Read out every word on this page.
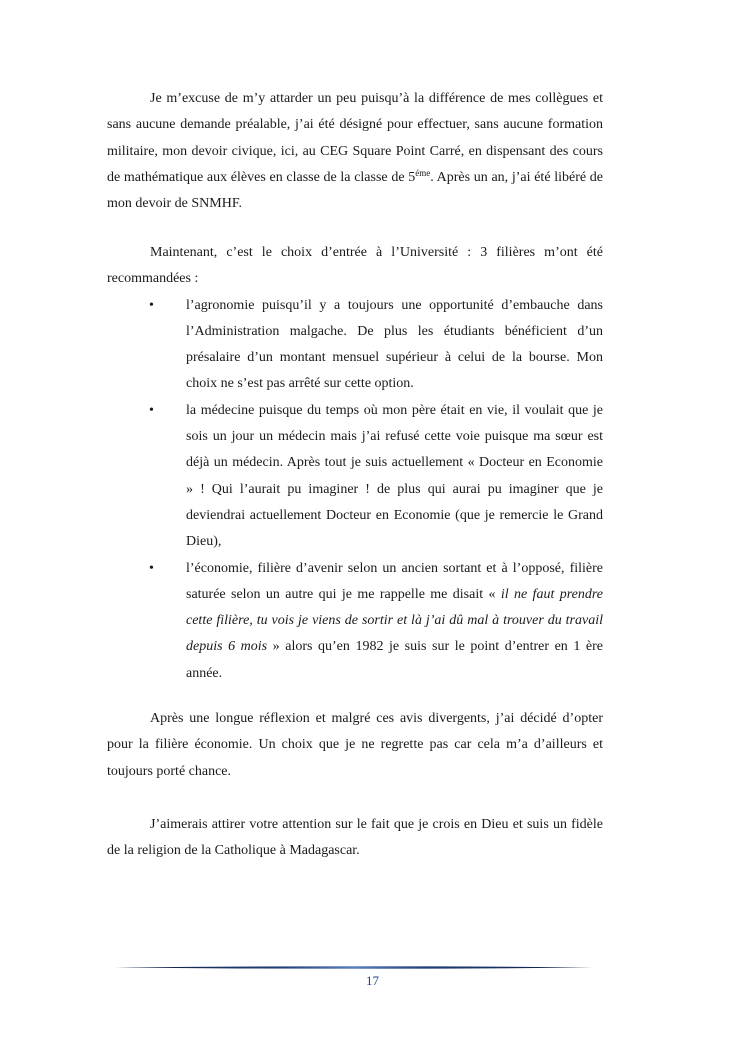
Je m’excuse de m’y attarder un peu puisqu’à la différence de mes collègues et sans aucune demande préalable, j’ai été désigné pour effectuer, sans aucune formation militaire, mon devoir civique, ici, au CEG Square Point Carré, en dispensant des cours de mathématique aux élèves en classe de la classe de $5^{éme}$. Après un an, j’ai été libéré de mon devoir de SNMHF.

Maintenant, c’est le choix d’entrée à l’Université : 3 filières m’ont été recommandées :

• l’agronomie puisqu’il y a toujours une opportunité d’embauche dans l’Administration malgache. De plus les étudiants bénéficient d’un présalaire d’un montant mensuel supérieur à celui de la bourse. Mon choix ne s’est pas arrêté sur cette option.
• la médecine puisque du temps où mon père était en vie, il voulait que je sois un jour un médecin mais j’ai refusé cette voie puisque ma sœur est déjà un médecin. Après tout je suis actuellement « Docteur en Economie » ! Qui l’aurait pu imaginer ! de plus qui aurai pu imaginer que je deviendrai actuellement Docteur en Economie (que je remercie le Grand Dieu),
• l’économie, filière d’avenir selon un ancien sortant et à l’opposé, filière saturée selon un autre qui je me rappelle me disait « il ne faut prendre cette filière, tu vois je viens de sortir et là j’ai dû mal à trouver du travail depuis 6 mois » alors qu’en 1982 je suis sur le point d’entrer en 1 ère année.

Après une longue réflexion et malgré ces avis divergents, j’ai décidé d’opter pour la filière économie. Un choix que je ne regrette pas car cela m’a d’ailleurs et toujours porté chance.

J’aimerais attirer votre attention sur le fait que je crois en Dieu et suis un fidèle de la religion de la Catholique à Madagascar.

17
